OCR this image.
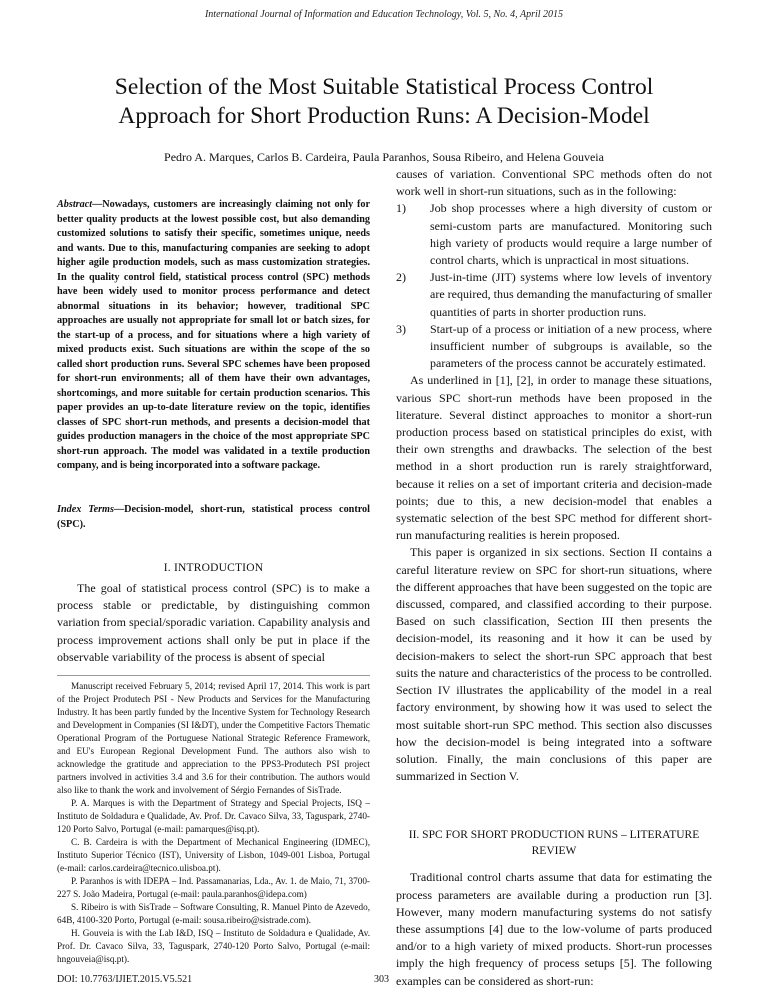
International Journal of Information and Education Technology, Vol. 5, No. 4, April 2015
Selection of the Most Suitable Statistical Process Control Approach for Short Production Runs: A Decision-Model
Pedro A. Marques, Carlos B. Cardeira, Paula Paranhos, Sousa Ribeiro, and Helena Gouveia

Abstract—Nowadays, customers are increasingly claiming not only for better quality products at the lowest possible cost, but also demanding customized solutions to satisfy their specific, sometimes unique, needs and wants. Due to this, manufacturing companies are seeking to adopt higher agile production models, such as mass customization strategies. In the quality control field, statistical process control (SPC) methods have been widely used to monitor process performance and detect abnormal situations in its behavior; however, traditional SPC approaches are usually not appropriate for small lot or batch sizes, for the start-up of a process, and for situations where a high variety of mixed products exist. Such situations are within the scope of the so called short production runs. Several SPC schemes have been proposed for short-run environments; all of them have their own advantages, shortcomings, and more suitable for certain production scenarios. This paper provides an up-to-date literature review on the topic, identifies classes of SPC short-run methods, and presents a decision-model that guides production managers in the choice of the most appropriate SPC short-run approach. The model was validated in a textile production company, and is being incorporated into a software package.

Index Terms—Decision-model, short-run, statistical process control (SPC).

I. INTRODUCTION

The goal of statistical process control (SPC) is to make a process stable or predictable, by distinguishing common variation from special/sporadic variation. Capability analysis and process improvement actions shall only be put in place if the observable variability of the process is absent of special

Manuscript received February 5, 2014; revised April 17, 2014. This work is part of the Project Produtech PSI - New Products and Services for the Manufacturing Industry. It has been partly funded by the Incentive System for Technology Research and Development in Companies (SI I&DT), under the Competitive Factors Thematic Operational Program of the Portuguese National Strategic Reference Framework, and EU's European Regional Development Fund. The authors also wish to acknowledge the gratitude and appreciation to the PPS3-Produtech PSI project partners involved in activities 3.4 and 3.6 for their contribution. The authors would also like to thank the work and involvement of Sérgio Fernandes of SisTrade.

P. A. Marques is with the Department of Strategy and Special Projects, ISQ – Instituto de Soldadura e Qualidade, Av. Prof. Dr. Cavaco Silva, 33, Taguspark, 2740-120 Porto Salvo, Portugal (e-mail: pamarques@isq.pt).

C. B. Cardeira is with the Department of Mechanical Engineering (IDMEC), Instituto Superior Técnico (IST), University of Lisbon, 1049-001 Lisboa, Portugal (e-mail: carlos.cardeira@tecnico.ulisboa.pt).

P. Paranhos is with IDEPA – Ind. Passamanarias, Lda., Av. 1. de Maio, 71, 3700-227 S. João Madeira, Portugal (e-mail: paula.paranhos@idepa.com)

S. Ribeiro is with SisTrade – Software Consulting, R. Manuel Pinto de Azevedo, 64B, 4100-320 Porto, Portugal (e-mail: sousa.ribeiro@sistrade.com).

H. Gouveia is with the Lab I&D, ISQ – Instituto de Soldadura e Qualidade, Av. Prof. Dr. Cavaco Silva, 33, Taguspark, 2740-120 Porto Salvo, Portugal (e-mail: hngouveia@isq.pt).

causes of variation. Conventional SPC methods often do not work well in short-run situations, such as in the following:

1) Job shop processes where a high diversity of custom or semi-custom parts are manufactured. Monitoring such high variety of products would require a large number of control charts, which is unpractical in most situations.
2) Just-in-time (JIT) systems where low levels of inventory are required, thus demanding the manufacturing of smaller quantities of parts in shorter production runs.
3) Start-up of a process or initiation of a new process, where insufficient number of subgroups is available, so the parameters of the process cannot be accurately estimated.

As underlined in [1], [2], in order to manage these situations, various SPC short-run methods have been proposed in the literature. Several distinct approaches to monitor a short-run production process based on statistical principles do exist, with their own strengths and drawbacks. The selection of the best method in a short production run is rarely straightforward, because it relies on a set of important criteria and decision-made points; due to this, a new decision-model that enables a systematic selection of the best SPC method for different short-run manufacturing realities is herein proposed.

This paper is organized in six sections. Section II contains a careful literature review on SPC for short-run situations, where the different approaches that have been suggested on the topic are discussed, compared, and classified according to their purpose. Based on such classification, Section III then presents the decision-model, its reasoning and it how it can be used by decision-makers to select the short-run SPC approach that best suits the nature and characteristics of the process to be controlled. Section IV illustrates the applicability of the model in a real factory environment, by showing how it was used to select the most suitable short-run SPC method. This section also discusses how the decision-model is being integrated into a software solution. Finally, the main conclusions of this paper are summarized in Section V.

II. SPC FOR SHORT PRODUCTION RUNS – LITERATURE REVIEW

Traditional control charts assume that data for estimating the process parameters are available during a production run [3]. However, many modern manufacturing systems do not satisfy these assumptions [4] due to the low-volume of parts produced and/or to a high variety of mixed products. Short-run processes imply the high frequency of process setups [5]. The following examples can be considered as short-run:

DOI: 10.7763/IJIET.2015.V5.521	303
